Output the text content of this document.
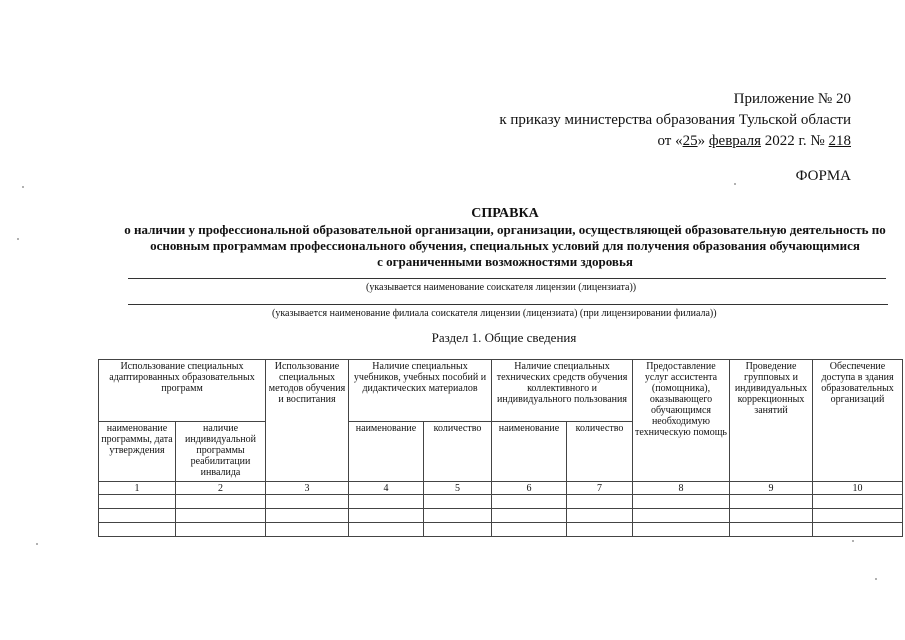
Приложение № 20
к приказу министерства образования Тульской области
от «25» февраля 2022 г. № 218
ФОРМА
СПРАВКА
о наличии у профессиональной образовательной организации, организации, осуществляющей образовательную деятельность по
основным программам профессионального обучения, специальных условий для получения образования обучающимися
с ограниченными возможностями здоровья
(указывается наименование соискателя лицензии (лицензиата))
(указывается наименование филиала соискателя лицензии (лицензиата) (при лицензировании филиала))
Раздел 1. Общие сведения
Использование специальных адаптированных образовательных программ		Использование специальных методов обучения и воспитания	Наличие специальных учебников, учебных пособий и дидактических материалов		Наличие специальных технических средств обучения коллективного и индивидуального пользования		Предоставление услуг ассистента (помощника), оказывающего обучающимся необходимую техническую помощь	Проведение групповых и индивидуальных коррекционных занятий	Обеспечение доступа в здания образовательных организаций
наименование программы, дата утверждения	наличие индивидуальной программы реабилитации инвалида		наименование	количество	наименование	количество			
1	2	3	4	5	6	7	8	9	10
